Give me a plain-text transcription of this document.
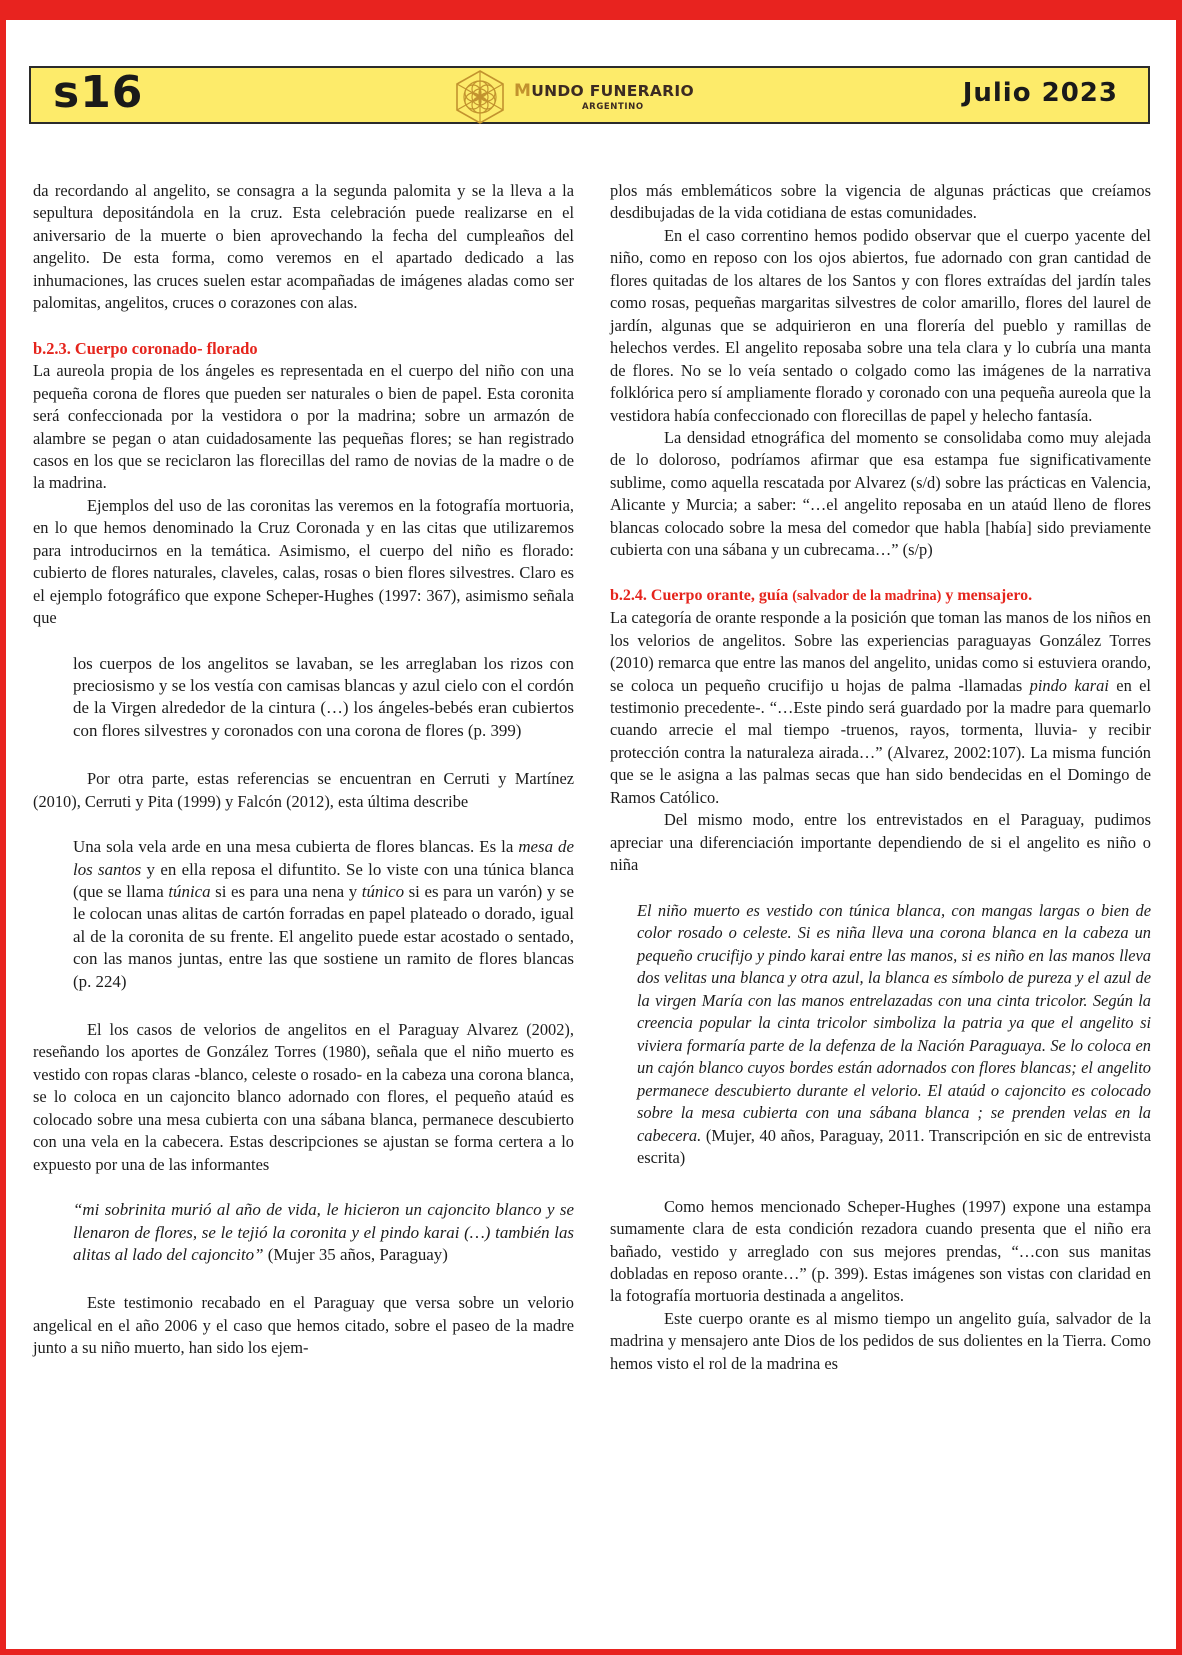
s16	MUNDO FUNERARIO
ARGENTINO	Julio 2023

da recordando al angelito, se consagra a la segunda palomita y se la lleva a la sepultura depositándola en la cruz. Esta celebración puede realizarse en el aniversario de la muerte o bien aprovechando la fecha del cumpleaños del angelito. De esta forma, como veremos en el apartado dedicado a las inhumaciones, las cruces suelen estar acompañadas de imágenes aladas como ser palomitas, angelitos, cruces o corazones con alas.

b.2.3. Cuerpo coronado- florado

La aureola propia de los ángeles es representada en el cuerpo del niño con una pequeña corona de flores que pueden ser naturales o bien de papel. Esta coronita será confeccionada por la vestidora o por la madrina; sobre un armazón de alambre se pegan o atan cuidadosamente las pequeñas flores; se han registrado casos en los que se reciclaron las florecillas del ramo de novias de la madre o de la madrina.

Ejemplos del uso de las coronitas las veremos en la fotografía mortuoria, en lo que hemos denominado la Cruz Coronada y en las citas que utilizaremos para introducirnos en la temática. Asimismo, el cuerpo del niño es florado: cubierto de flores naturales, claveles, calas, rosas o bien flores silvestres. Claro es el ejemplo fotográfico que expone Scheper-Hughes (1997: 367), asimismo señala que

los cuerpos de los angelitos se lavaban, se les arreglaban los rizos con preciosismo y se los vestía con camisas blancas y azul cielo con el cordón de la Virgen alrededor de la cintura (…) los ángeles-bebés eran cubiertos con flores silvestres y coronados con una corona de flores (p. 399)

Por otra parte, estas referencias se encuentran en Cerruti y Martínez (2010), Cerruti y Pita (1999) y Falcón (2012), esta última describe

Una sola vela arde en una mesa cubierta de flores blancas. Es la mesa de los santos y en ella reposa el difuntito. Se lo viste con una túnica blanca (que se llama túnica si es para una nena y túnico si es para un varón) y se le colocan unas alitas de cartón forradas en papel plateado o dorado, igual al de la coronita de su frente. El angelito puede estar acostado o sentado, con las manos juntas, entre las que sostiene un ramito de flores blancas (p. 224)

El los casos de velorios de angelitos en el Paraguay Alvarez (2002), reseñando los aportes de González Torres (1980), señala que el niño muerto es vestido con ropas claras -blanco, celeste o rosado- en la cabeza una corona blanca, se lo coloca en un cajoncito blanco adornado con flores, el pequeño ataúd es colocado sobre una mesa cubierta con una sábana blanca, permanece descubierto con una vela en la cabecera. Estas descripciones se ajustan se forma certera a lo expuesto por una de las informantes

“mi sobrinita murió al año de vida, le hicieron un cajoncito blanco y se llenaron de flores, se le tejió la coronita y el pindo karai (…) también las alitas al lado del cajoncito” (Mujer 35 años, Paraguay)

Este testimonio recabado en el Paraguay que versa sobre un velorio angelical en el año 2006 y el caso que hemos citado, sobre el paseo de la madre junto a su niño muerto, han sido los ejem-

plos más emblemáticos sobre la vigencia de algunas prácticas que creíamos desdibujadas de la vida cotidiana de estas comunidades.

En el caso correntino hemos podido observar que el cuerpo yacente del niño, como en reposo con los ojos abiertos, fue adornado con gran cantidad de flores quitadas de los altares de los Santos y con flores extraídas del jardín tales como rosas, pequeñas margaritas silvestres de color amarillo, flores del laurel de jardín, algunas que se adquirieron en una florería del pueblo y ramillas de helechos verdes. El angelito reposaba sobre una tela clara y lo cubría una manta de flores. No se lo veía sentado o colgado como las imágenes de la narrativa folklórica pero sí ampliamente florado y coronado con una pequeña aureola que la vestidora había confeccionado con florecillas de papel y helecho fantasía.

La densidad etnográfica del momento se consolidaba como muy alejada de lo doloroso, podríamos afirmar que esa estampa fue significativamente sublime, como aquella rescatada por Alvarez (s/d) sobre las prácticas en Valencia, Alicante y Murcia; a saber: “…el angelito reposaba en un ataúd lleno de flores blancas colocado sobre la mesa del comedor que habla [había] sido previamente cubierta con una sábana y un cubrecama…” (s/p)

b.2.4. Cuerpo orante, guía (salvador de la madrina) y mensajero.

La categoría de orante responde a la posición que toman las manos de los niños en los velorios de angelitos. Sobre las experiencias paraguayas González Torres (2010) remarca que entre las manos del angelito, unidas como si estuviera orando, se coloca un pequeño crucifijo u hojas de palma -llamadas pindo karai en el testimonio precedente-. “…Este pindo será guardado por la madre para quemarlo cuando arrecie el mal tiempo -truenos, rayos, tormenta, lluvia- y recibir protección contra la naturaleza airada…” (Alvarez, 2002:107). La misma función que se le asigna a las palmas secas que han sido bendecidas en el Domingo de Ramos Católico.

Del mismo modo, entre los entrevistados en el Paraguay, pudimos apreciar una diferenciación importante dependiendo de si el angelito es niño o niña

El niño muerto es vestido con túnica blanca, con mangas largas o bien de color rosado o celeste. Si es niña lleva una corona blanca en la cabeza un pequeño crucifijo y pindo karai entre las manos, si es niño en las manos lleva dos velitas una blanca y otra azul, la blanca es símbolo de pureza y el azul de la virgen María con las manos entrelazadas con una cinta tricolor. Según la creencia popular la cinta tricolor simboliza la patria ya que el angelito si viviera formaría parte de la defenza de la Nación Paraguaya. Se lo coloca en un cajón blanco cuyos bordes están adornados con flores blancas; el angelito permanece descubierto durante el velorio. El ataúd o cajoncito es colocado sobre la mesa cubierta con una sábana blanca ; se prenden velas en la cabecera. (Mujer, 40 años, Paraguay, 2011. Transcripción en sic de entrevista escrita)

Como hemos mencionado Scheper-Hughes (1997) expone una estampa sumamente clara de esta condición rezadora cuando presenta que el niño era bañado, vestido y arreglado con sus mejores prendas, “…con sus manitas dobladas en reposo orante…” (p. 399). Estas imágenes son vistas con claridad en la fotografía mortuoria destinada a angelitos.

Este cuerpo orante es al mismo tiempo un angelito guía, salvador de la madrina y mensajero ante Dios de los pedidos de sus dolientes en la Tierra. Como hemos visto el rol de la madrina es
